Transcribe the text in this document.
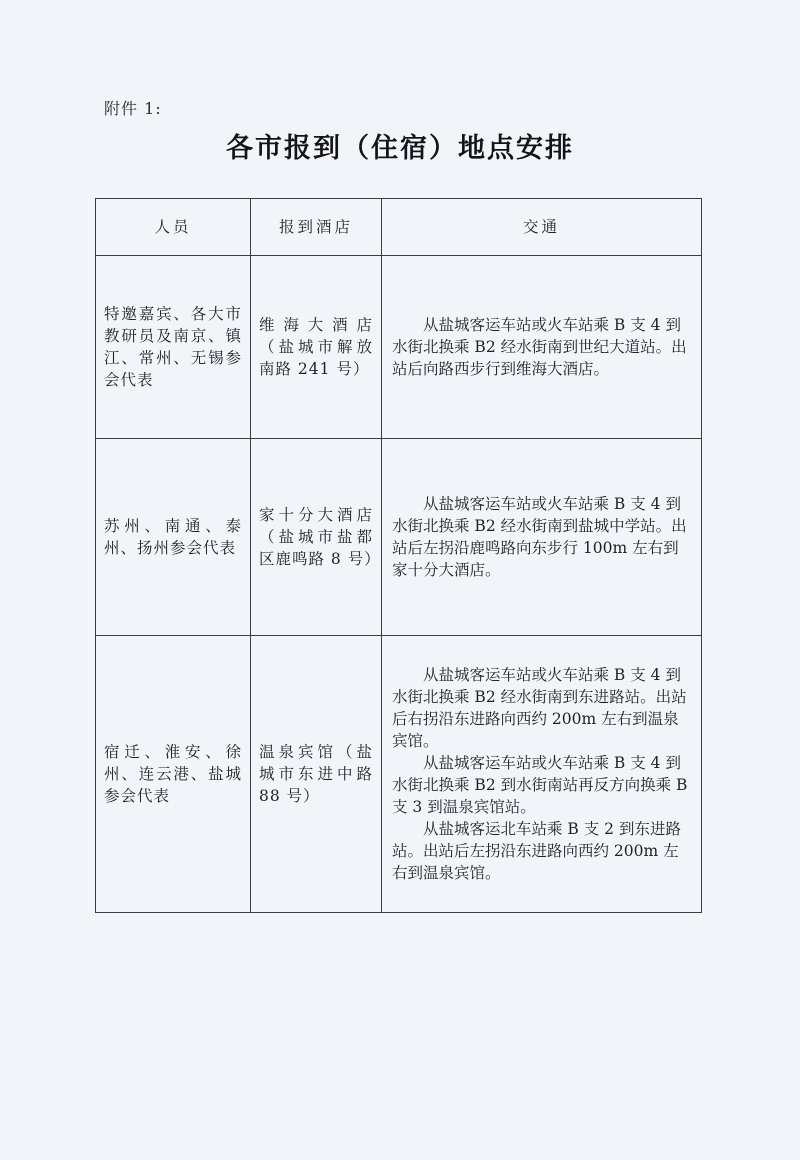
附件 1:
各市报到（住宿）地点安排
人员	报到酒店	交通
特邀嘉宾、各大市教研员及南京、镇江、常州、无锡参会代表	维海大酒店（盐城市解放南路 241 号）	从盐城客运车站或火车站乘 B 支 4 到水街北换乘 B2 经水街南到世纪大道站。出站后向路西步行到维海大酒店。

苏州、南通、泰州、扬州参会代表	家十分大酒店（盐城市盐都区鹿鸣路 8 号）	从盐城客运车站或火车站乘 B 支 4 到水街北换乘 B2 经水街南到盐城中学站。出站后左拐沿鹿鸣路向东步行 100m 左右到家十分大酒店。

宿迁、淮安、徐州、连云港、盐城参会代表	温泉宾馆（盐城市东进中路 88 号）	从盐城客运车站或火车站乘 B 支 4 到水街北换乘 B2 经水街南到东进路站。出站后右拐沿东进路向西约 200m 左右到温泉宾馆。

从盐城客运车站或火车站乘 B 支 4 到水街北换乘 B2 到水街南站再反方向换乘 B 支 3 到温泉宾馆站。

从盐城客运北车站乘 B 支 2 到东进路站。出站后左拐沿东进路向西约 200m 左右到温泉宾馆。
